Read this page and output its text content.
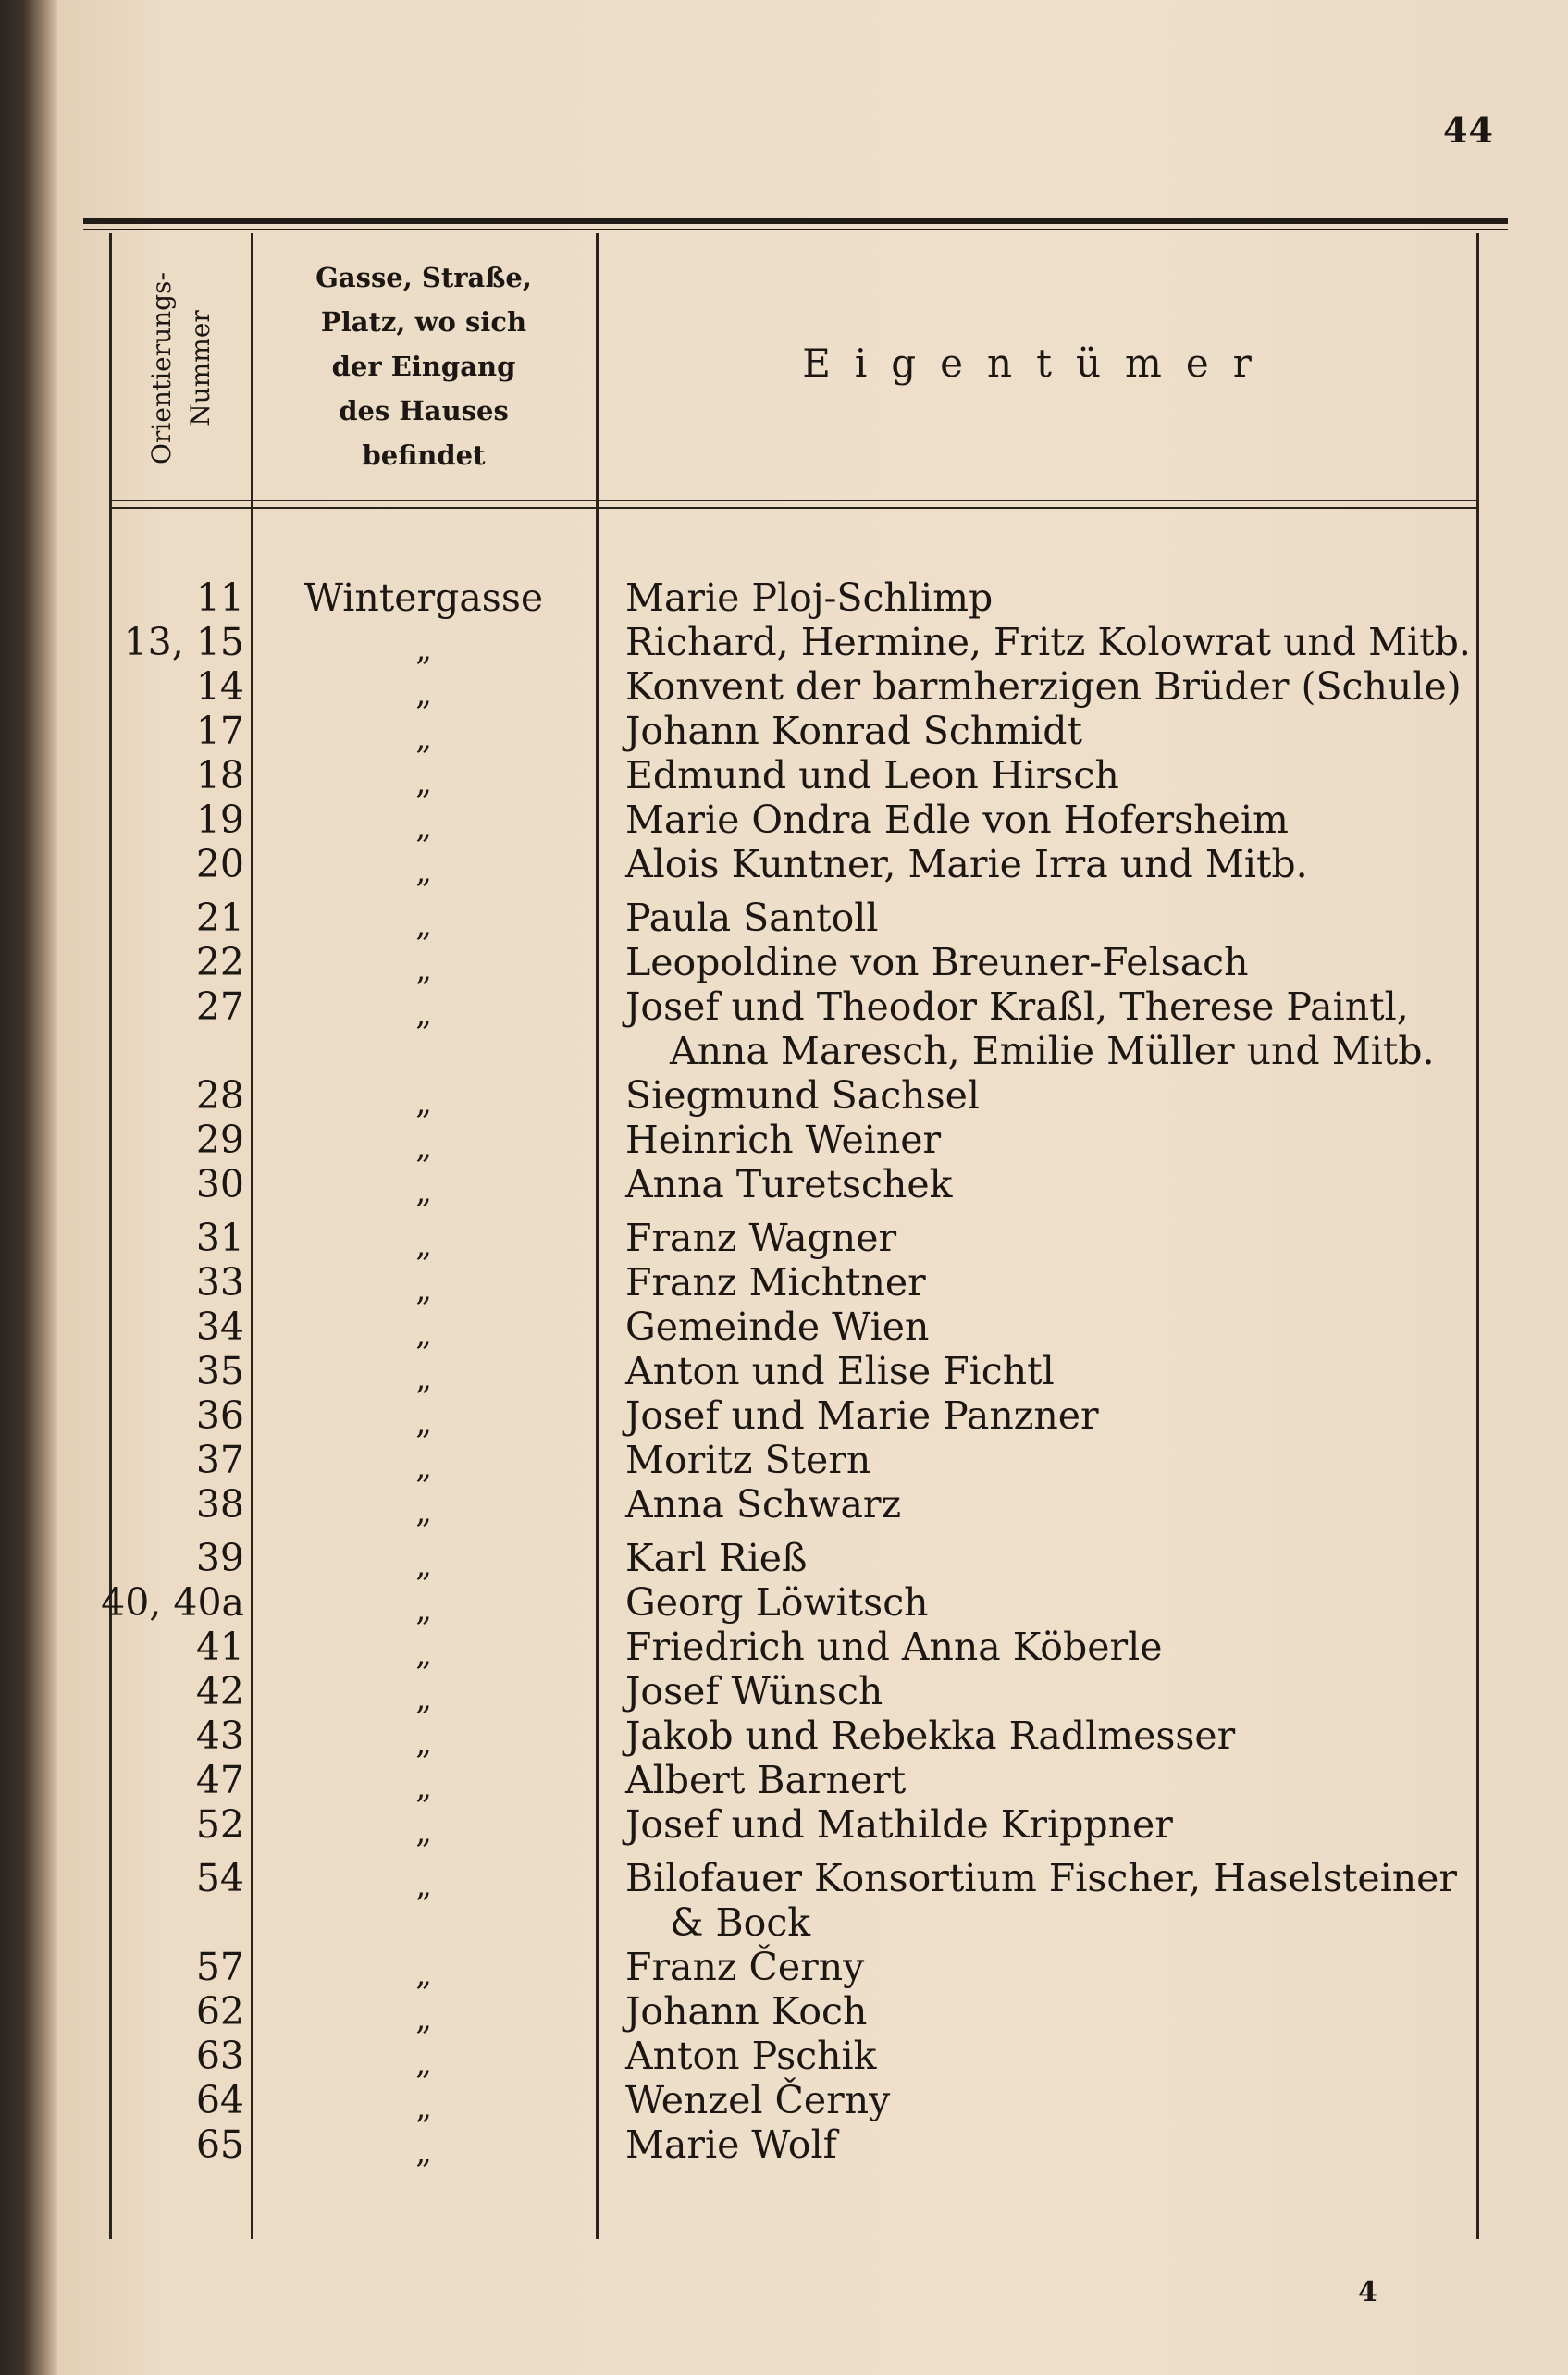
44
Orientierungs- Nummer
Gasse, Straße,
Platz, wo sich
der Eingang
des Hauses
befindet
Eigentümer
11	Wintergasse	Marie Ploj-Schlimp
13, 15	„	Richard, Hermine, Fritz Kolowrat und Mitb.
14	„	Konvent der barmherzigen Brüder (Schule)
17	„	Johann Konrad Schmidt
18	„	Edmund und Leon Hirsch
19	„	Marie Ondra Edle von Hofersheim
20	„	Alois Kuntner, Marie Irra und Mitb.
21	„	Paula Santoll
22	„	Leopoldine von Breuner-Felsach
27	„	Josef und Theodor Kraßl, Therese Paintl,
Anna Maresch, Emilie Müller und Mitb.
28	„	Siegmund Sachsel
29	„	Heinrich Weiner
30	„	Anna Turetschek
31	„	Franz Wagner
33	„	Franz Michtner
34	„	Gemeinde Wien
35	„	Anton und Elise Fichtl
36	„	Josef und Marie Panzner
37	„	Moritz Stern
38	„	Anna Schwarz
39	„	Karl Rieß
40, 40a	„	Georg Löwitsch
41	„	Friedrich und Anna Köberle
42	„	Josef Wünsch
43	„	Jakob und Rebekka Radlmesser
47	„	Albert Barnert
52	„	Josef und Mathilde Krippner
54	„	Bilofauer Konsortium Fischer, Haselsteiner
& Bock
57	„	Franz Černy
62	„	Johann Koch
63	„	Anton Pschik
64	„	Wenzel Černy
65	„	Marie Wolf
4
